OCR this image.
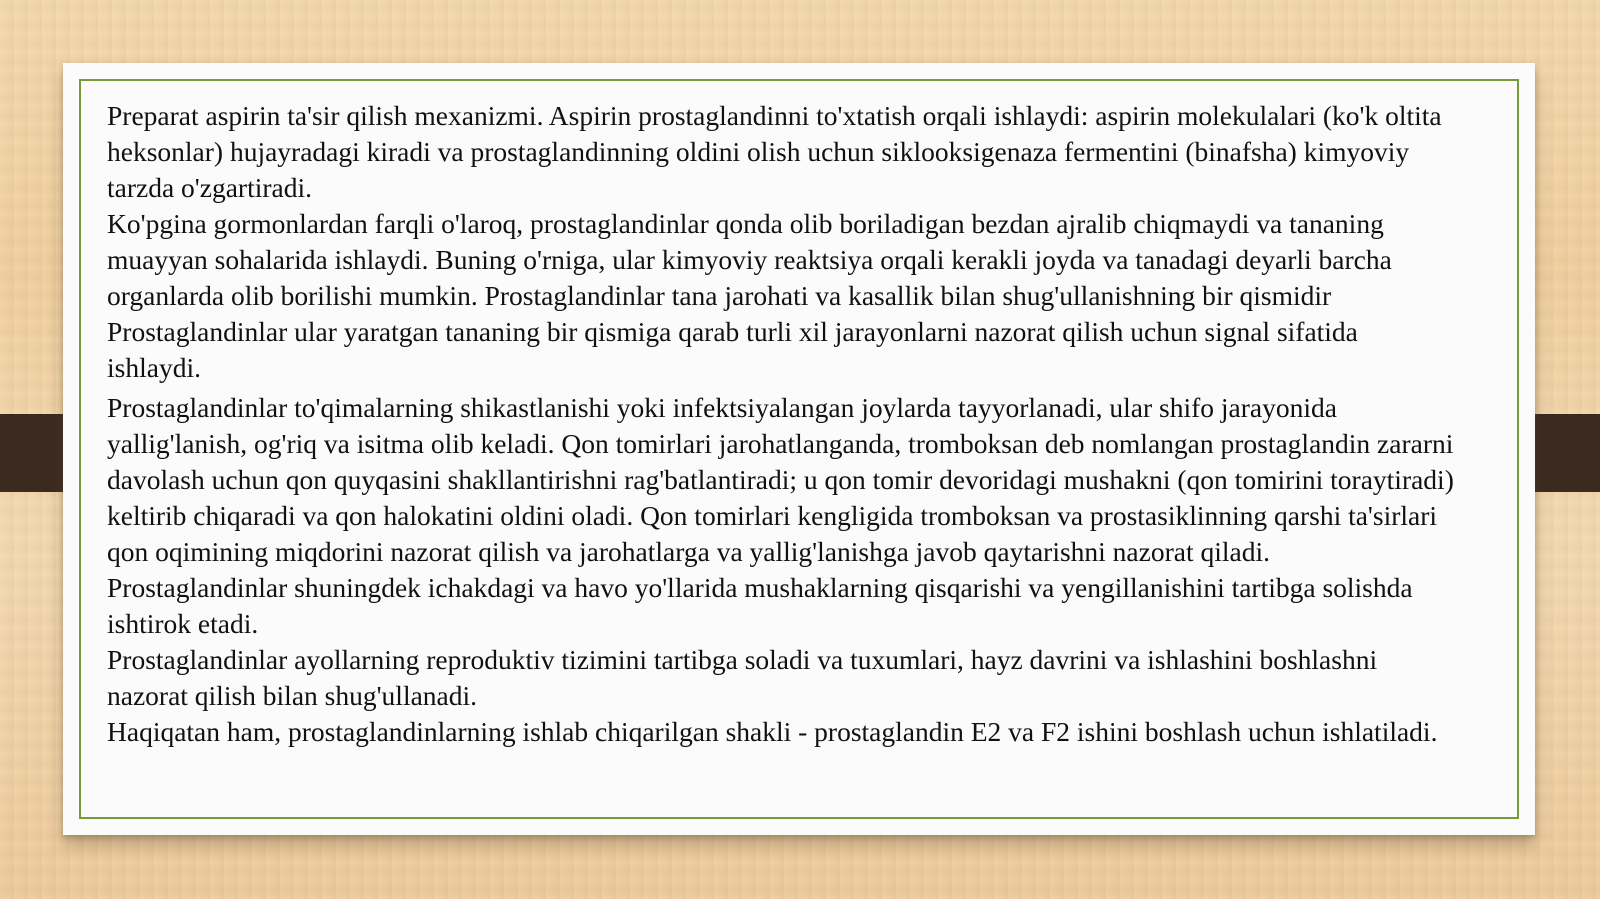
Preparat aspirin ta'sir qilish mexanizmi. Aspirin prostaglandinni to'xtatish orqali ishlaydi: aspirin molekulalari (ko'k oltita heksonlar) hujayradagi kiradi va prostaglandinning oldini olish uchun siklooksigenaza fermentini (binafsha) kimyoviy tarzda o'zgartiradi.

Ko'pgina gormonlardan farqli o'laroq, prostaglandinlar qonda olib boriladigan bezdan ajralib chiqmaydi va tananing muayyan sohalarida ishlaydi. Buning o'rniga, ular kimyoviy reaktsiya orqali kerakli joyda va tanadagi deyarli barcha organlarda olib borilishi mumkin. Prostaglandinlar tana jarohati va kasallik bilan shug'ullanishning bir qismidir Prostaglandinlar ular yaratgan tananing bir qismiga qarab turli xil jarayonlarni nazorat qilish uchun signal sifatida ishlaydi.

Prostaglandinlar to'qimalarning shikastlanishi yoki infektsiyalangan joylarda tayyorlanadi, ular shifo jarayonida yallig'lanish, og'riq va isitma olib keladi. Qon tomirlari jarohatlanganda, tromboksan deb nomlangan prostaglandin zararni davolash uchun qon quyqasini shakllantirishni rag'batlantiradi; u qon tomir devoridagi mushakni (qon tomirini toraytiradi) keltirib chiqaradi va qon halokatini oldini oladi. Qon tomirlari kengligida tromboksan va prostasiklinning qarshi ta'sirlari qon oqimining miqdorini nazorat qilish va jarohatlarga va yallig'lanishga javob qaytarishni nazorat qiladi.

Prostaglandinlar shuningdek ichakdagi va havo yo'llarida mushaklarning qisqarishi va yengillanishini tartibga solishda ishtirok etadi.

Prostaglandinlar ayollarning reproduktiv tizimini tartibga soladi va tuxumlari, hayz davrini va ishlashini boshlashni nazorat qilish bilan shug'ullanadi.

Haqiqatan ham, prostaglandinlarning ishlab chiqarilgan shakli - prostaglandin E2 va F2 ishini boshlash uchun ishlatiladi.
